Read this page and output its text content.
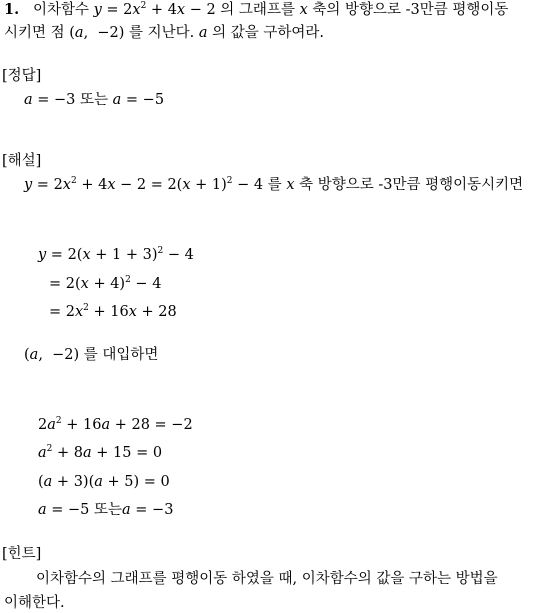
1.   이차함수 $y = 2x^2 + 4x - 2$ 의 그래프를 x 축의 방향으로 -3만큼 평행이동
시키면 점 (a,  −2) 를 지난다. a 의 값을 구하여라.
[정답]
a = −3 또는 a = −5
[해설]
$y = 2x^2 + 4x - 2 = 2(x + 1)^2 - 4$ 를 x 축 방향으로 -3만큼 평행이동시키면
$y = 2(x + 1 + 3)^2 - 4$
= $2(x + 4)^2 - 4$
= $2x^2 + 16x + 28$
(a,  −2) 를 대입하면
$2a^2 + 16a + 28 = -2$
$a^2 + 8a + 15 = 0$
(a + 3)(a + 5) = 0
a = −5 또는a = −3
[힌트]
이차함수의 그래프를 평행이동 하였을 때, 이차함수의 값을 구하는 방법을
이해한다.
